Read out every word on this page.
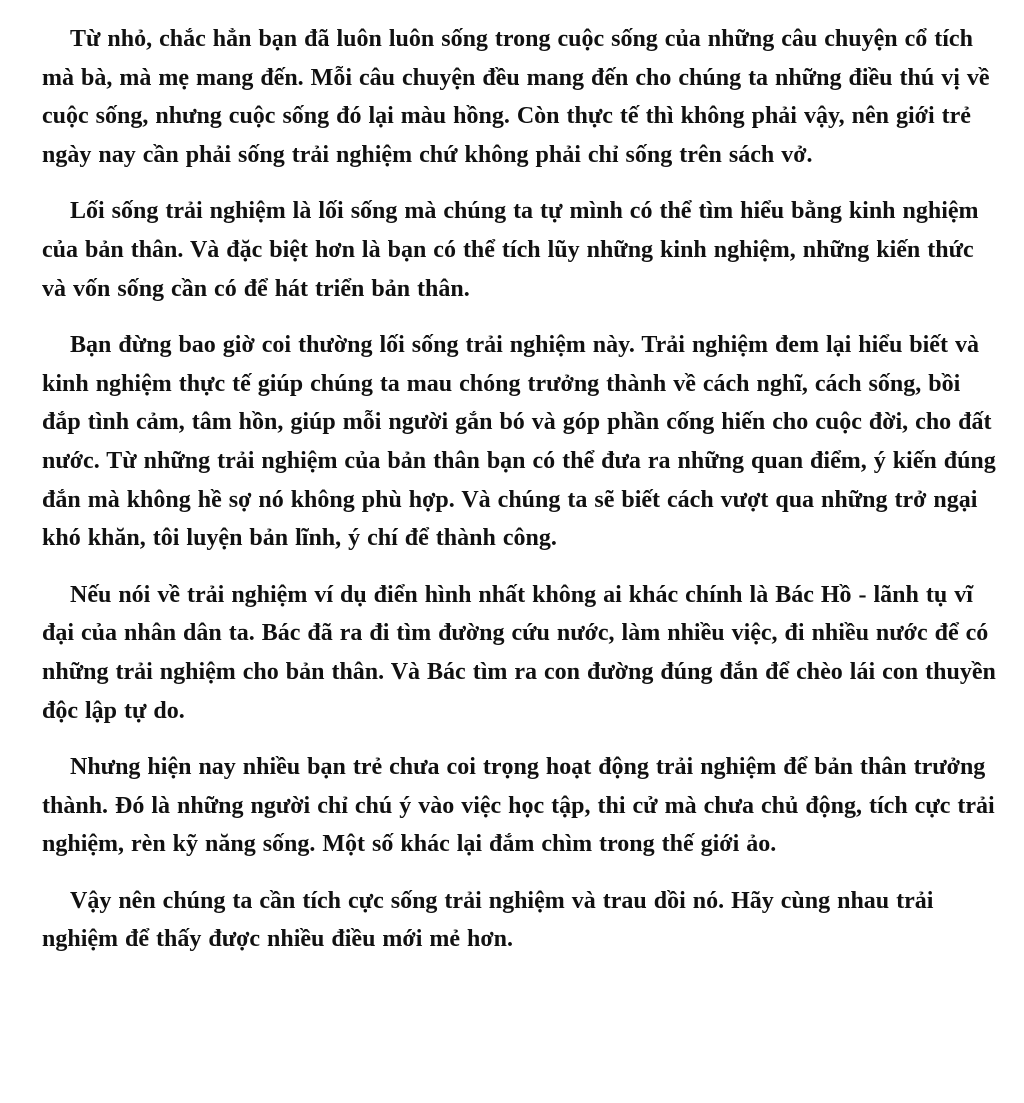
Từ nhỏ, chắc hẳn bạn đã luôn luôn sống trong cuộc sống của những câu chuyện cổ tích mà bà, mà mẹ mang đến. Mỗi câu chuyện đều mang đến cho chúng ta những điều thú vị về cuộc sống, nhưng cuộc sống đó lại màu hồng. Còn thực tế thì không phải vậy, nên giới trẻ ngày nay cần phải sống trải nghiệm chứ không phải chỉ sống trên sách vở.

Lối sống trải nghiệm là lối sống mà chúng ta tự mình có thể tìm hiểu bằng kinh nghiệm của bản thân. Và đặc biệt hơn là bạn có thể tích lũy những kinh nghiệm, những kiến thức và vốn sống cần có để hát triển bản thân.

Bạn đừng bao giờ coi thường lối sống trải nghiệm này. Trải nghiệm đem lại hiểu biết và kinh nghiệm thực tế giúp chúng ta mau chóng trưởng thành về cách nghĩ, cách sống, bồi đắp tình cảm, tâm hồn, giúp mỗi người gắn bó và góp phần cống hiến cho cuộc đời, cho đất nước. Từ những trải nghiệm của bản thân bạn có thể đưa ra những quan điểm, ý kiến đúng đắn mà không hề sợ nó không phù hợp. Và chúng ta sẽ biết cách vượt qua những trở ngại khó khăn, tôi luyện bản lĩnh, ý chí để thành công.

Nếu nói về trải nghiệm ví dụ điển hình nhất không ai khác chính là Bác Hồ - lãnh tụ vĩ đại của nhân dân ta. Bác đã ra đi tìm đường cứu nước, làm nhiều việc, đi nhiều nước để có những trải nghiệm cho bản thân. Và Bác tìm ra con đường đúng đắn để chèo lái con thuyền độc lập tự do.

Nhưng hiện nay nhiều bạn trẻ chưa coi trọng hoạt động trải nghiệm để bản thân trưởng thành. Đó là những người chỉ chú ý vào việc học tập, thi cử mà chưa chủ động, tích cực trải nghiệm, rèn kỹ năng sống. Một số khác lại đắm chìm trong thế giới ảo.

Vậy nên chúng ta cần tích cực sống trải nghiệm và trau dồi nó. Hãy cùng nhau trải nghiệm để thấy được nhiều điều mới mẻ hơn.
